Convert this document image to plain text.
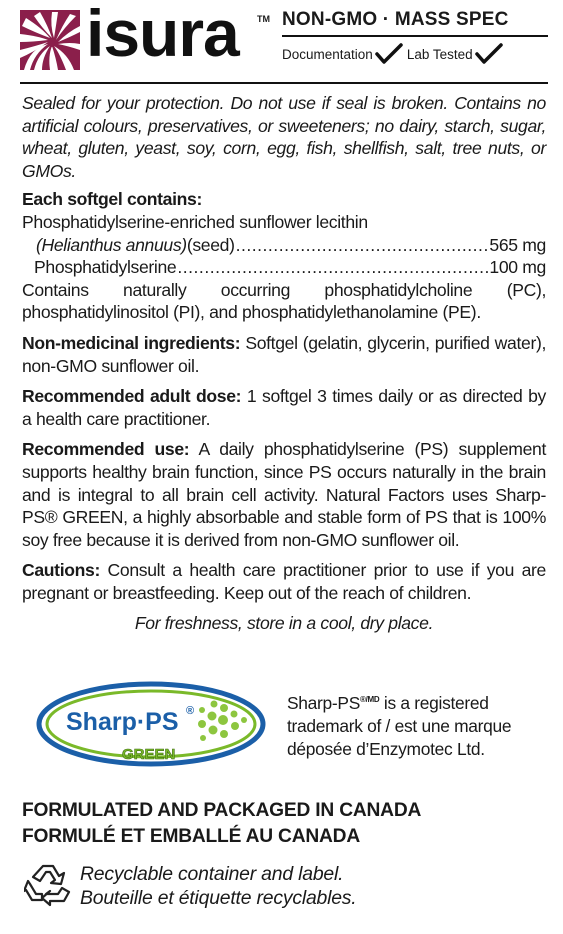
isura TM NON-GMO · MASS SPEC
Documentation	Lab Tested

Sealed for your protection. Do not use if seal is broken. Contains no artificial colours, preservatives, or sweeteners; no dairy, starch, sugar, wheat, gluten, yeast, soy, corn, egg, fish, shellfish, salt, tree nuts, or GMOs.

Each softgel contains:

Phosphatidylserine-enriched sunflower lecithin

(Helianthus annuus) (seed) .....	565 mg
Phosphatidylserine .....	100 mg

Contains naturally occurring phosphatidylcholine (PC), phosphatidylinositol (PI), and phosphatidylethanolamine (PE).

Non-medicinal ingredients: Softgel (gelatin, glycerin, purified water), non-GMO sunflower oil.

Recommended adult dose: 1 softgel 3 times daily or as directed by a health care practitioner.

Recommended use: A daily phosphatidylserine (PS) supplement supports healthy brain function, since PS occurs naturally in the brain and is integral to all brain cell activity. Natural Factors uses Sharp-PS® GREEN, a highly absorbable and stable form of PS that is 100% soy free because it is derived from non-GMO sunflower oil.

Cautions: Consult a health care practitioner prior to use if you are pregnant or breastfeeding. Keep out of the reach of children.

For freshness, store in a cool, dry place.

Sharp·PS ®
GREEN
Sharp-$PS^{®/MD}$ is a registered trademark of / est une marque déposée d’Enzymotec Ltd.
FORMULATED AND PACKAGED IN CANADA
FORMULÉ ET EMBALLÉ AU CANADA
Recyclable container and label.
Bouteille et étiquette recyclables.
